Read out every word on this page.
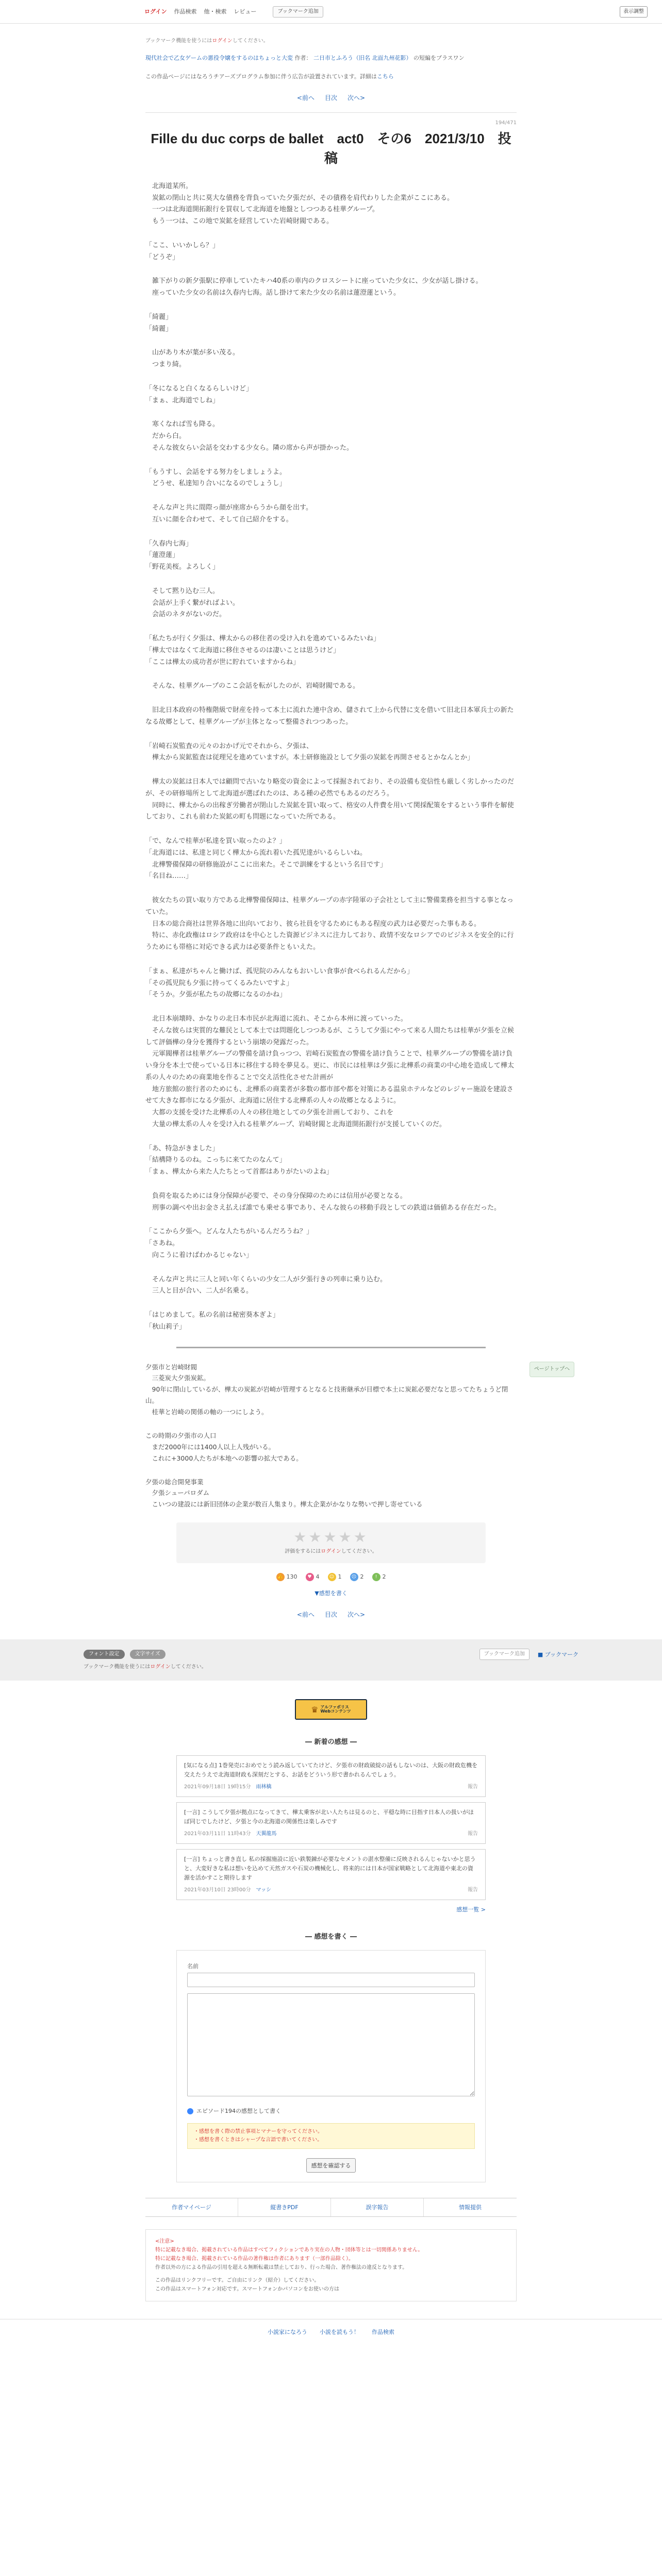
ログイン 作品検索 他・検索 レビュー	ブックマーク追加	表示調整
ブックマーク機能を使うにはログインしてください。
現代社会で乙女ゲームの悪役令嬢をするのはちょっと大変 作者： 二日市とふろう（旧名 北面九州花影） の短編をプラスワン
この作品ページにはなろうチアーズプログラム参加に伴う広告が設置されています。詳細はこちら
<前へ 目次 次へ>
194/471
Fille du duc corps de ballet　act0　その6　2021/3/10　投稿

　北海道某所。
　炭鉱の閉山と共に莫大な債務を背負っていた夕張だが、その債務を肩代わりした企業がここにある。
　一つは北海道開拓銀行を買収して北海道を地盤としつつある桂華グループ。
　もう一つは、この地で炭鉱を経営していた岩崎財閥である。

「ここ、いいかしら？」
「どうぞ」

　雑下がりの新夕張駅に停車していたキハ40系の車内のクロスシートに座っていた少女に、少女が話し掛ける。
　座っていた少女の名前は久春内七海。話し掛けて来た少女の名前は蓮澄蓮という。

「綺麗」
「綺麗」

　山があり木が葉が多い茂る。
　つまり綺。

「冬になると白くなるらしいけど」
「まぁ、北海道でしね」

　寒くなれば雪も降る。
　だから白。
　そんな彼女らい会話を交わする少女ら。隣の席から声が掛かった。

「もうすし、会話をする努力をしましょうよ。
　どうせ、私達知り合いになるのでしょうし」

　そんな声と共に間際っ顔が座席からうから顔を出す。
　互いに顔を合わせて、そして自己紹介をする。

「久春内七海」
「蓮澄蓮」
「野花美桜。よろしく」

　そして黙り込む三人。
　会話が上手く繋がればよい。
　会話のネタがないのだ。

「私たちが行く夕張は、樺太からの移住者の受け入れを進めているみたいね」
「樺太ではなくて北海道に移住させるのは凄いことは思うけど」
「ここは樺太の成功者が世に貯れていますからね」

　そんな、桂華グループのここ会話を転がしたのが、岩崎財閥である。

　旧北日本政府の特権階級で財産を持って本土に流れた連中含め、儲されて上から代替に支を借いて旧北日本軍兵士の新たなる故郷として、桂華グループが主体となって整備されつつあった。

「岩崎石炭監査の元々のおかげ元でそれから、夕張は、
　樺太から炭鉱監査は従理兄を進めていますが。本土研修施設として夕張の炭鉱を再開させるとかなんとか」

　樺太の炭鉱は日本人では顧問で古いなり略変の資金によって採掘されており、その設備も変信性も厳しく劣しかったのだが、その研修場所として北海道が選ばれたのは、ある種の必然でもあるのだろう。
　同時に、樺太からの出稼ぎ労働者が閉山した炭鉱を買い取って、格安の人件費を用いて関採配策をするという事件を解使しており、これも前わた炭鉱の町も問題になっていた所である。

「で、なんで桂華が私達を買い取ったのよ？」
「北海道には、私達と同じく樺太から流れ着いた孤児達がいるらしいね。
　北樺警備保障の研修施設がここに出来た。そこで訓練をするという名目です」
「名目ね……」

　彼女たちの買い取り方である北樺警備保障は、桂華グループの赤字陸軍の子会社として主に警備業務を担当する事となっていた。
　日本の総合商社は世界各地に出向いており、彼ら社員を守るためにもある程度の武力は必要だった事もある。
　特に、赤化政権はロシア政府はを中心とした資源ビジネスに注力しており、政情不安なロシアでのビジネスを安全的に行うためにも帯格に対応できる武力は必要条件ともいえた。

「まぁ、私達がちゃんと働けば、孤児院のみんなもおいしい食事が食べられるんだから」
「その孤児院も夕張に持ってくるみたいですよ」
「そうか。夕張が私たちの故郷になるのかね」

　北日本崩壊時、かなりの北日本市民が北海道に流れ、そこから本州に渡っていった。
　そんな彼らは実質的な難民として本土では問題化しつつあるが、こうして夕張にやって来る人間たちは桂華が夕張を立候して評価樺の身分を獲得するという崩壊の発露だった。
　元軍閥樺者は桂華グループの警備を請け負っつつ、岩崎石炭監査の警備を請け負うことで、桂華グループの警備を請け負い身分を本土で使っている日本に移住する時を夢見る。更に、市民には桂華は夕張に北樺系の商業の中心地を造成して樺太系の人々のための商業地を作ることで交え活性化させた計画が
　地方旅館の旅行者のためにも、北樺系の商業者が多数の都市部や都を対策にある温泉ホテルなどのレジャー施設を建設させて大きな都市になる夕張が、北海道に居住する北樺系の人々の故郷となるように。
　大都の支援を受けた北樺系の人々の移住地としての夕張を計画しており、これを
　大量の樺太系の人々を受け入れる桂華グループ、岩崎財閥と北海道開拓銀行が支援していくのだ。

「あ、特急がきました」
「結構降りるのね。こっちに来てたのなんて」
「まぁ、樺太から来た人たちとって首都はありがたいのよね」

　負荷を取るためには身分保障が必要で、その身分保障のためには信用が必要となる。
　刑事の調べや出お金さえ払えば誰でも乗せる事であり、そんな彼らの移動手段としての鉄道は価値ある存在だった。

「ここから夕張へ。どんな人たちがいるんだろうね？」
「さあね。
　向こうに着けばわかるじゃない」

　そんな声と共に三人と同い年くらいの少女二人が夕張行きの列車に乗り込む。
　三人と目が合い、二人が名乗る。

「はじめまして。私の名前は秘密葵本ぎよ」
「秋山莉子」

ページトップへ

夕張市と岩崎財閥
　三菱炭大夕張炭鉱。
　90年に閉山しているが、樺太の炭鉱が岩崎が管理するとなると技術継承が目標で本土に炭鉱必要だなと思ってたちょうど閉山。
　桂華と岩崎の関係の軸の一つにしよう。

この時期の夕張市の人口
　まだ2000年には1400人以上人残がいる。
　これに+3000人たちが本地への影響の拡大である。

夕張の総合開発事業
　夕張シューパロダム
　こいつの建設には新旧団体の企業が数百人集まり。樺太企業がかなりな勢いで押し寄せている

★★★★★
評価をするにはログインしてください。
👍 130	♥ 4	☺ 1	☹ 2	! 2
▼感想を書く
<前へ 目次 次へ>
フォント設定	文字サイズ	ブックマーク追加	■ ブックマーク
ブックマーク機能を使うにはログインしてください。
♛ アルファポリス
Webコンテンツ
― 新着の感想 ―
[気になる点] 1巻発売におめでとう読み返していてたけど、夕張市の財政破綻の話もしないのは、大阪の財政危機を交えたうえで北海道財政も深刻だとする、お話をどういう形で書かれるんでしょう。
2021年09月18日 19時15分　 雨林檎	報告
[一言] こうして夕張が拠点になってきて、樺太乗客が北い人たちは見るのと、平穏な時に目指す日本人の扱いがほぼ同じでしたけど、夕張と今の北海道の関係性は楽しみです
2021年03月11日 11時43分　 天翼龍馬	報告
[一言] ちょっと書き直し 私の採掘施設に近い鉄製錬が必要なセメントの湛水整備に反映されるんじゃないかと思うと、大変好きな私は想いを込めて天然ガスや石炭の機械化し、将来的には日本が国家戦略として北海道や東北の資源を活かすこと期待します
2021年03月10日 23時00分　 マッシ	報告
感想一覧 >
― 感想を書く ―
名前

エピソード194の感想として書く
・感想を書く際の禁止事項とマナーを守ってください。
・感想を書くときはシャープな言語で書いてください。
感想を確認する
作者マイページ	縦書きPDF	誤字報告	情報提供
<注意>
特に記載なき場合、掲載されている作品はすべてフィクションであり実在の人物・団体等とは一切関係ありません。
特に記載なき場合、掲載されている作品の著作権は作者にあります（一部作品除く）。
作者以外の方による作品の引用を超える無断転載は禁止しており、行った場合、著作権法の違反となります。
この作品はリンクフリーです。ご自由にリンク（紹介）してください。
この作品はスマートフォン対応です。スマートフォンかパソコンをお使いの方は
小説家になろう 小説を読もう！ 作品検索
